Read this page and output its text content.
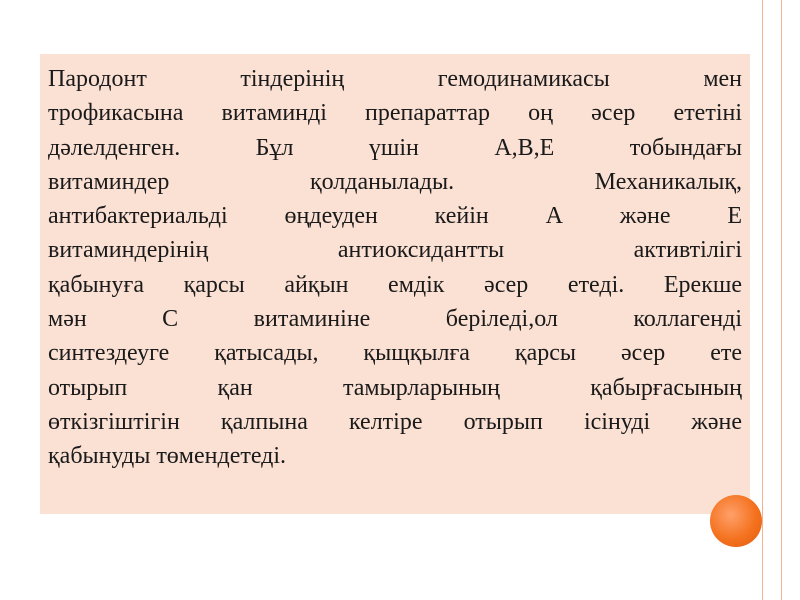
Пародонт тіндерінің гемодинамикасы мен
трофикасына витаминді препараттар оң әсер ететіні
дәлелденген. Бұл үшін А,В,Е тобындағы
витаминдер қолданылады. Механикалық,
антибактериальді өңдеуден кейін А және Е
витаминдерінің антиоксидантты активтілігі
қабынуға қарсы айқын емдік әсер етеді. Ерекше
мән С витаминіне беріледі,ол коллагенді
синтездеуге қатысады, қыщқылға қарсы әсер ете
отырып қан тамырларының қабырғасының
өткізгіштігін қалпына келтіре отырып ісінуді және
қабынуды төмендетеді.
